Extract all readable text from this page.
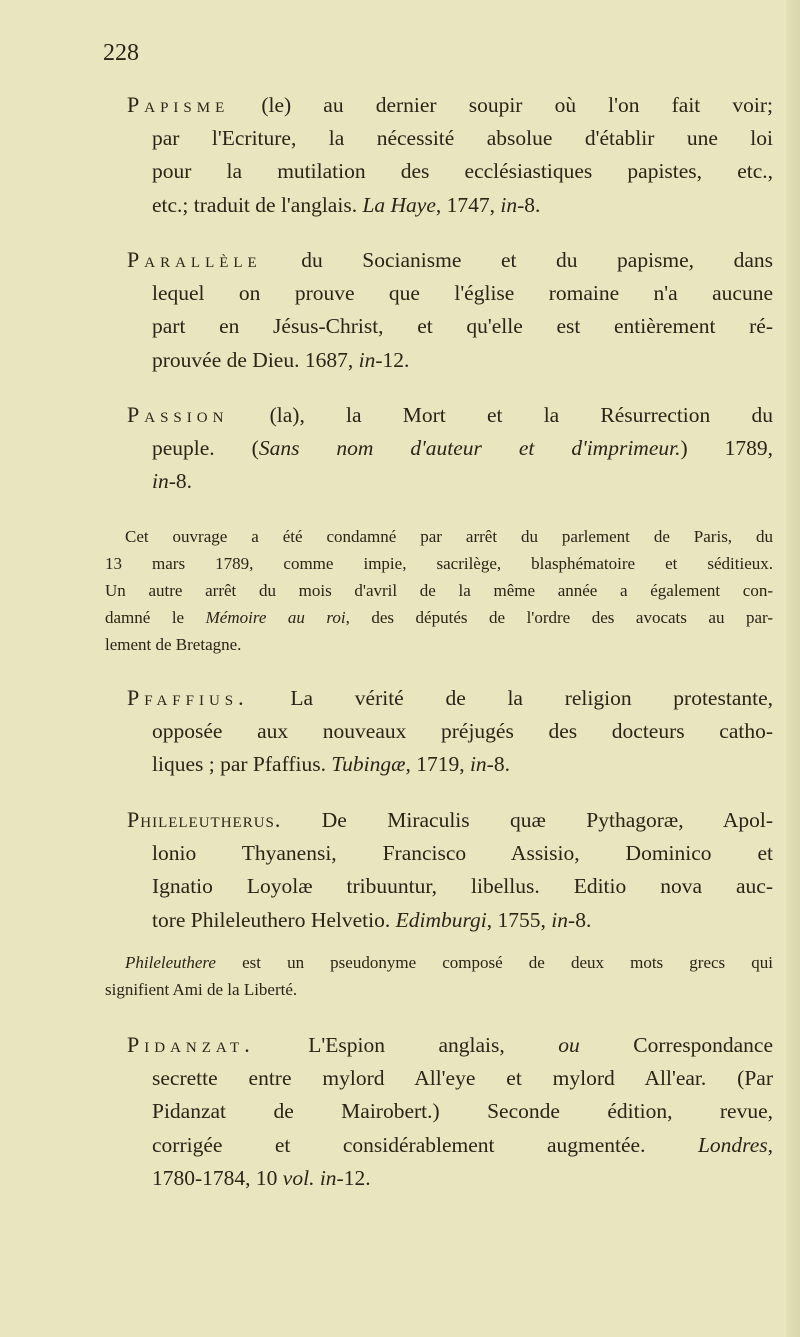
228
Papisme (le) au dernier soupir où l'on fait voir;
par l'Ecriture, la nécessité absolue d'établir une loi
pour la mutilation des ecclésiastiques papistes, etc.,
etc.; traduit de l'anglais. La Haye, 1747, in-8.
Parallèle du Socianisme et du papisme, dans
lequel on prouve que l'église romaine n'a aucune
part en Jésus-Christ, et qu'elle est entièrement ré-
prouvée de Dieu. 1687, in-12.
Passion (la), la Mort et la Résurrection du
peuple. (Sans nom d'auteur et d'imprimeur.) 1789,
in-8.
Cet ouvrage a été condamné par arrêt du parlement de Paris, du
13 mars 1789, comme impie, sacrilège, blasphématoire et séditieux.
Un autre arrêt du mois d'avril de la même année a également con-
damné le Mémoire au roi, des députés de l'ordre des avocats au par-
lement de Bretagne.
Pfaffius. La vérité de la religion protestante,
opposée aux nouveaux préjugés des docteurs catho-
liques ; par Pfaffius. Tubingæ, 1719, in-8.
Phileleutherus. De Miraculis quæ Pythagoræ, Apol-
lonio Thyanensi, Francisco Assisio, Dominico et
Ignatio Loyolæ tribuuntur, libellus. Editio nova auc-
tore Phileleuthero Helvetio. Edimburgi, 1755, in-8.
Phileleuthere est un pseudonyme composé de deux mots grecs qui
signifient Ami de la Liberté.
Pidanzat. L'Espion anglais, ou Correspondance
secrette entre mylord All'eye et mylord All'ear. (Par
Pidanzat de Mairobert.) Seconde édition, revue,
corrigée et considérablement augmentée. Londres,
1780-1784, 10 vol. in-12.
